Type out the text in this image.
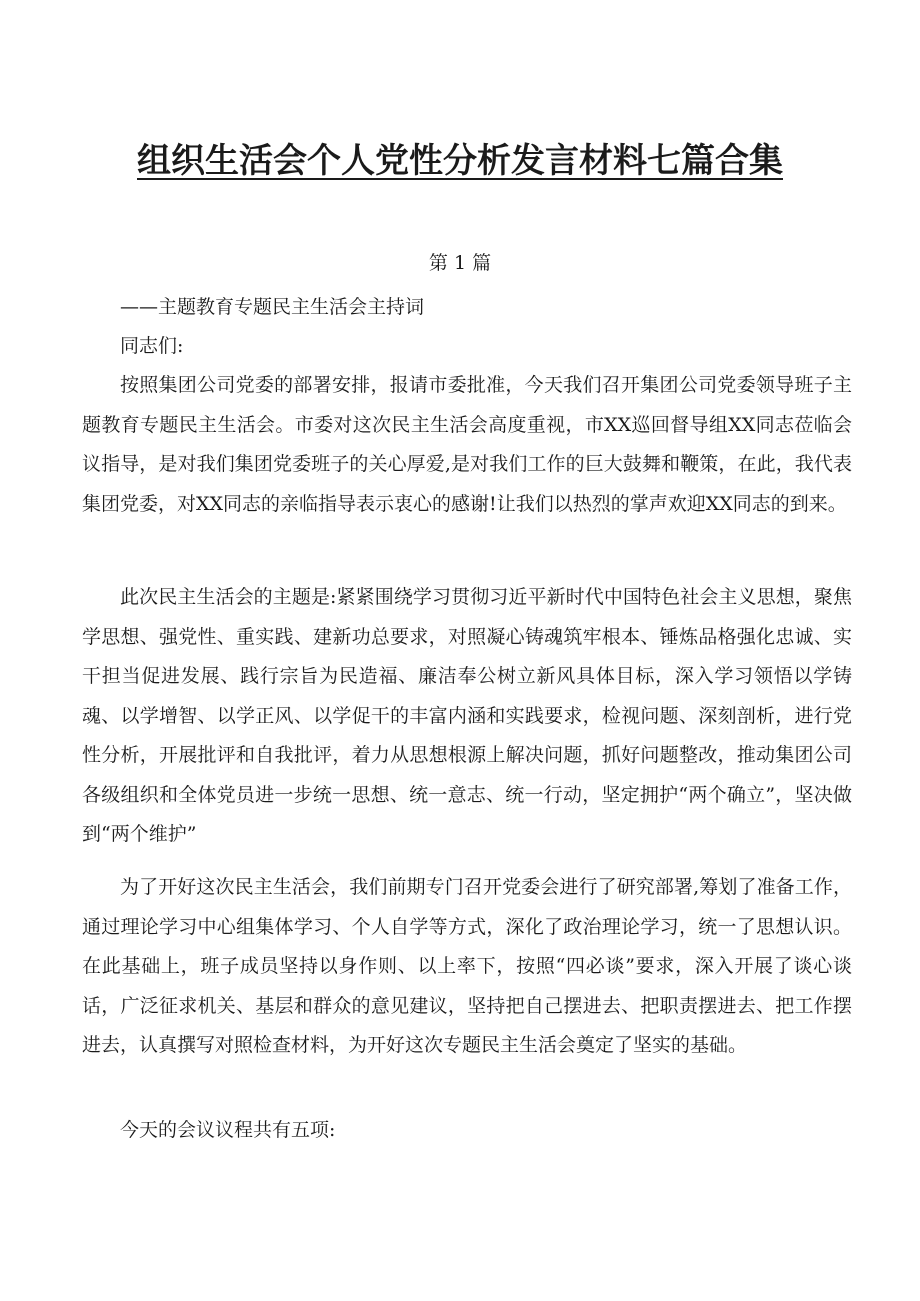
组织生活会个人党性分析发言材料七篇合集

第 1 篇

——主题教育专题民主生活会主持词

同志们:

按照集团公司党委的部署安排，报请市委批准，今天我们召开集团公司党委领导班子主题教育专题民主生活会。市委对这次民主生活会高度重视，市XX巡回督导组XX同志莅临会议指导，是对我们集团党委班子的关心厚爱,是对我们工作的巨大鼓舞和鞭策，在此，我代表集团党委，对XX同志的亲临指导表示衷心的感谢!让我们以热烈的掌声欢迎XX同志的到来。

此次民主生活会的主题是:紧紧围绕学习贯彻习近平新时代中国特色社会主义思想，聚焦学思想、强党性、重实践、建新功总要求，对照凝心铸魂筑牢根本、锤炼品格强化忠诚、实干担当促进发展、践行宗旨为民造福、廉洁奉公树立新风具体目标，深入学习领悟以学铸魂、以学增智、以学正风、以学促干的丰富内涵和实践要求，检视问题、深刻剖析，进行党性分析，开展批评和自我批评，着力从思想根源上解决问题，抓好问题整改，推动集团公司各级组织和全体党员进一步统一思想、统一意志、统一行动，坚定拥护“两个确立”，坚决做到“两个维护”

为了开好这次民主生活会，我们前期专门召开党委会进行了研究部署,筹划了准备工作，通过理论学习中心组集体学习、个人自学等方式，深化了政治理论学习，统一了思想认识。在此基础上，班子成员坚持以身作则、以上率下，按照“四必谈”要求，深入开展了谈心谈话，广泛征求机关、基层和群众的意见建议，坚持把自己摆进去、把职责摆进去、把工作摆进去，认真撰写对照检查材料，为开好这次专题民主生活会奠定了坚实的基础。

今天的会议议程共有五项:
